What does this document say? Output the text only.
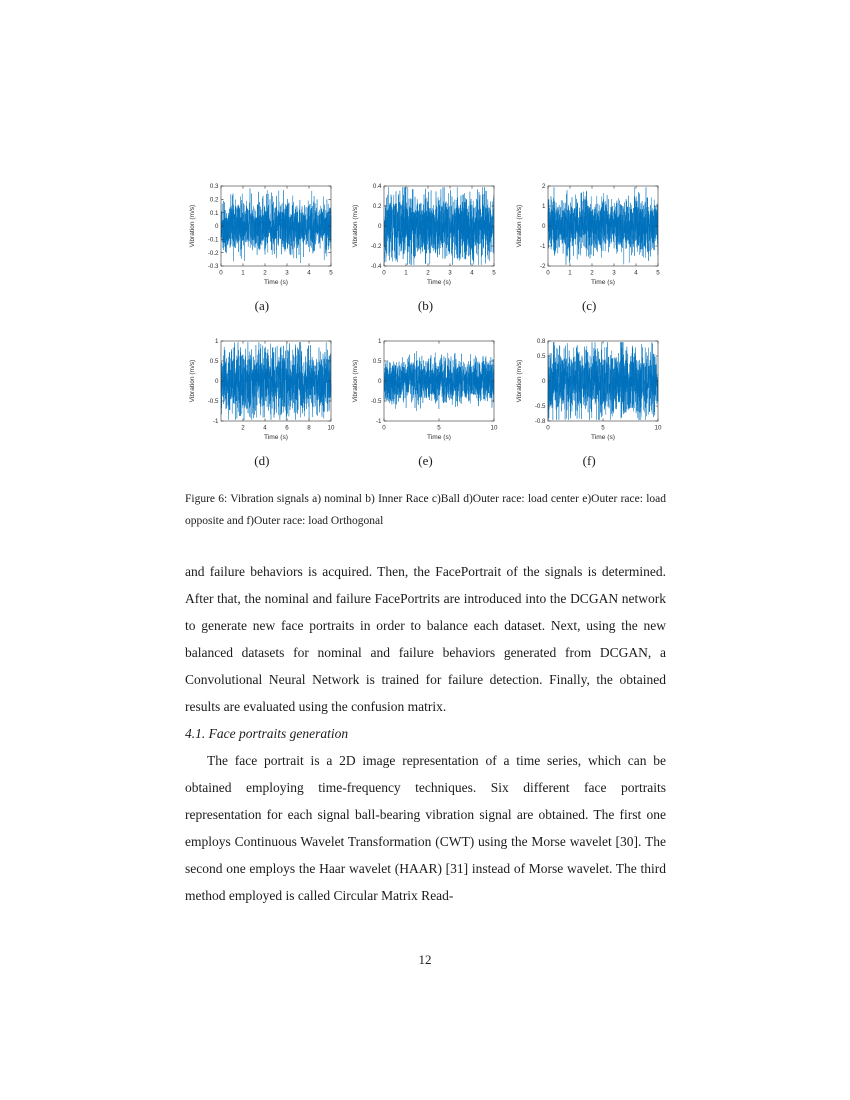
-0.3
-0.2
-0.1
0
0.1
0.2
0.3
0	1	2	3	4	5
Time (s)
Vibration (m/s)
(a)
-0.4
-0.2
0
0.2
0.4
0	1	2	3	4	5
Time (s)
Vibration (m/s)
(b)
-2
-1
0
1
2
0	1	2	3	4	5
Time (s)
Vibration (m/s)
(c)
-1
-0.5
0
0.5
1
2	4	6	8	10
Time (s)
Vibration (m/s)
(d)
-1
-0.5
0
0.5
1
0	5	10
Time (s)
Vibration (m/s)
(e)
-0.8
-0.5
0
0.5
0.8
0	5	10
Time (s)
Vibration (m/s)
(f)

Figure 6: Vibration signals a) nominal b) Inner Race c)Ball d)Outer race: load center e)Outer race: load opposite and f)Outer race: load Orthogonal

and failure behaviors is acquired. Then, the FacePortrait of the signals is determined. After that, the nominal and failure FacePortrits are introduced into the DCGAN network to generate new face portraits in order to balance each dataset. Next, using the new balanced datasets for nominal and failure behaviors generated from DCGAN, a Convolutional Neural Network is trained for failure detection. Finally, the obtained results are evaluated using the confusion matrix.

4.1. Face portraits generation

The face portrait is a 2D image representation of a time series, which can be obtained employing time-frequency techniques. Six different face portraits representation for each signal ball-bearing vibration signal are obtained. The first one employs Continuous Wavelet Transformation (CWT) using the Morse wavelet [30]. The second one employs the Haar wavelet (HAAR) [31] instead of Morse wavelet. The third method employed is called Circular Matrix Read-

12
